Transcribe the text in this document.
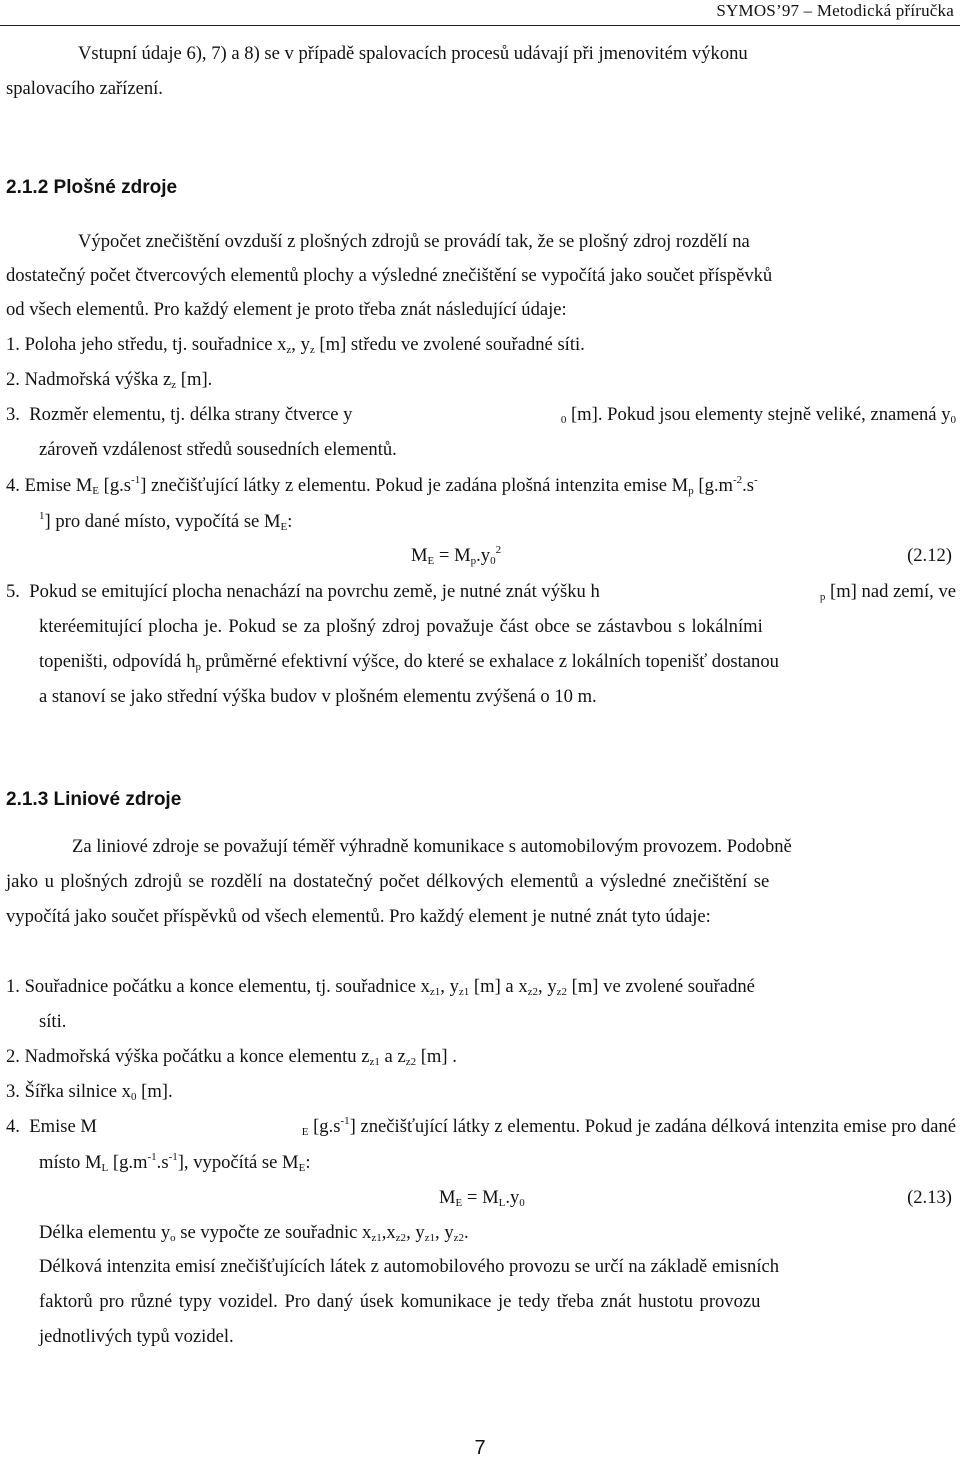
SYMOS’97 – Metodická příručka
Vstupní údaje 6), 7) a 8) se v případě spalovacích procesů udávají při jmenovitém výkonu
spalovacího zařízení.
2.1.2 Plošné zdroje
Výpočet znečištění ovzduší z plošných zdrojů se provádí tak, že se plošný zdroj rozdělí na
dostatečný počet čtvercových elementů plochy a výsledné znečištění se vypočítá jako součet příspěvků
od všech elementů. Pro každý element je proto třeba znát následující údaje:
1. Poloha jeho středu, tj. souřadnice $x_z$, $y_z$ [m] středu ve zvolené souřadné síti.
2. Nadmořská výška $z_z$ [m].
3.  Rozměr elementu, tj. délka strany čtverce y	$_0$ [m]. Pokud jsou elementy stejně veliké, znamená $y_0$
zároveň vzdálenost středů sousedních elementů.
4. Emise $M_E$ $[g.s^{-1}]$ znečišťující látky z elementu. Pokud je zadána plošná intenzita emise $M_p$ [$g.m^{-2}.s^-$
$^1$] pro dané místo, vypočítá se $M_E$:
$M_E = M_p.y_0^2$	(2.12)
5.  Pokud se emitující plocha nenachází na povrchu země, je nutné znát výšku h	$_p$ [m] nad zemí, ve
kteréemitující plocha je. Pokud se za plošný zdroj považuje část obce se zástavbou s lokálními
topeništi, odpovídá $h_p$ průměrné efektivní výšce, do které se exhalace z lokálních topenišť dostanou
a stanoví se jako střední výška budov v plošném elementu zvýšená o 10 m.
2.1.3 Liniové zdroje
Za liniové zdroje se považují téměř výhradně komunikace s automobilovým provozem. Podobně
jako u plošných zdrojů se rozdělí na dostatečný počet délkových elementů a výsledné znečištění se
vypočítá jako součet příspěvků od všech elementů. Pro každý element je nutné znát tyto údaje:
1. Souřadnice počátku a konce elementu, tj. souřadnice $x_{z1}$, $y_{z1}$ [m] a $x_{z2}$, $y_{z2}$ [m] ve zvolené souřadné
síti.
2. Nadmořská výška počátku a konce elementu $z_{z1}$ a $z_{z2}$ [m] .
3. Šířka silnice $x_0$ [m].
4.  Emise M	$_E$ $[g.s^{-1}]$ znečišťující látky z elementu. Pokud je zadána délková intenzita emise pro dané
místo $M_L$ $[g.m^{-1}.s^{-1}]$, vypočítá se $M_E$:
$M_E = M_L.y_0$	(2.13)
Délka elementu $y_o$ se vypočte ze souřadnic $x_{z1},x_{z2}$, $y_{z1}$, $y_{z2}$.
Délková intenzita emisí znečišťujících látek z automobilového provozu se určí na základě emisních
faktorů pro různé typy vozidel. Pro daný úsek komunikace je tedy třeba znát hustotu provozu
jednotlivých typů vozidel.
7
